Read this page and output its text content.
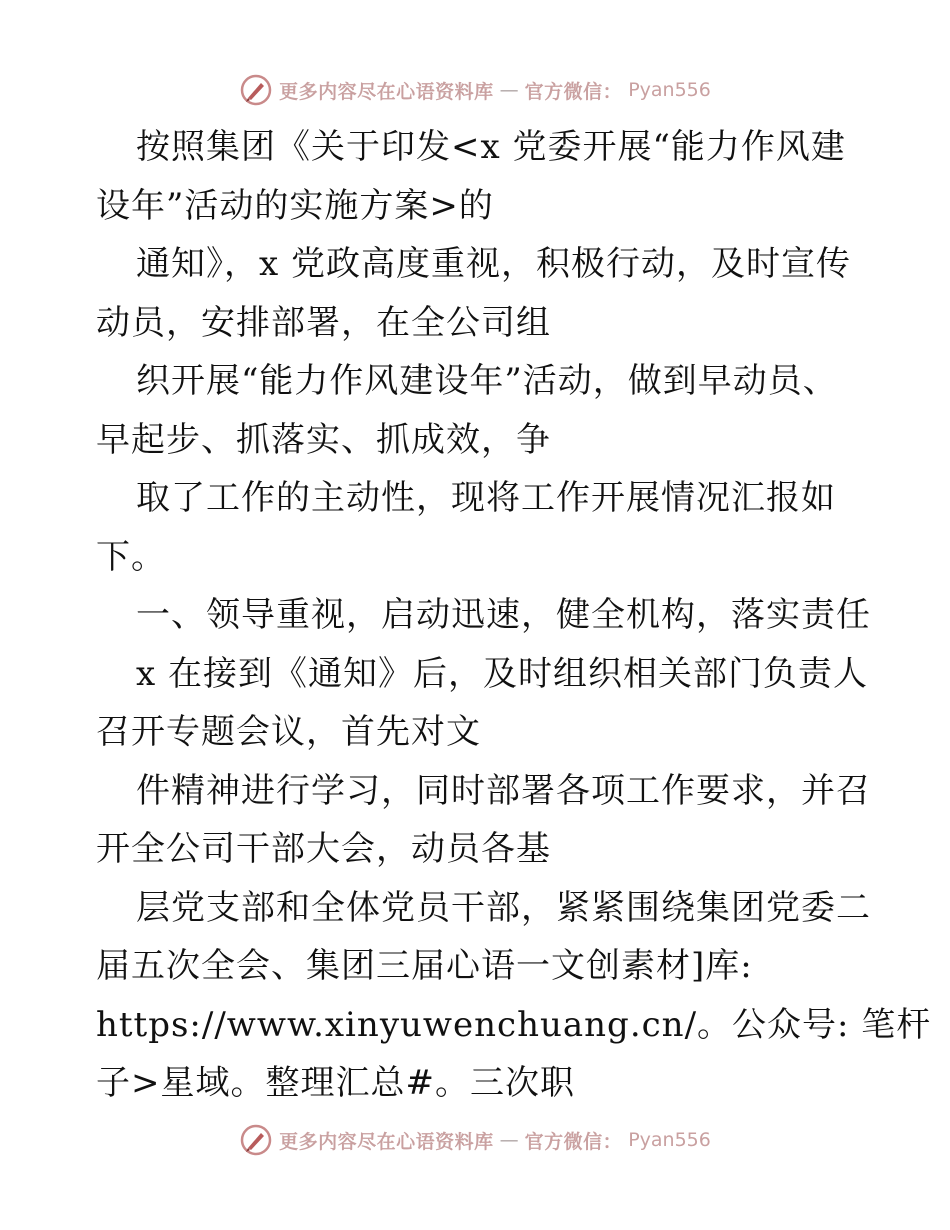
更多内容尽在心语资料库 — 官方微信： Pyan556
按照集团《关于印发<x 党委开展“能力作风建
设年”活动的实施方案>的
通知》，x 党政高度重视，积极行动，及时宣传
动员，安排部署，在全公司组
织开展“能力作风建设年”活动，做到早动员、
早起步、抓落实、抓成效，争
取了工作的主动性，现将工作开展情况汇报如
下。
一、领导重视，启动迅速，健全机构，落实责任
x 在接到《通知》后，及时组织相关部门负责人
召开专题会议，首先对文
件精神进行学习，同时部署各项工作要求，并召
开全公司干部大会，动员各基
层党支部和全体党员干部，紧紧围绕集团党委二
届五次全会、集团三届心语一文创素材]库:
https://www.xinyuwenchuang.cn/。公众号: 笔杆
子>星域。整理汇总#。三次职
更多内容尽在心语资料库 — 官方微信： Pyan556
